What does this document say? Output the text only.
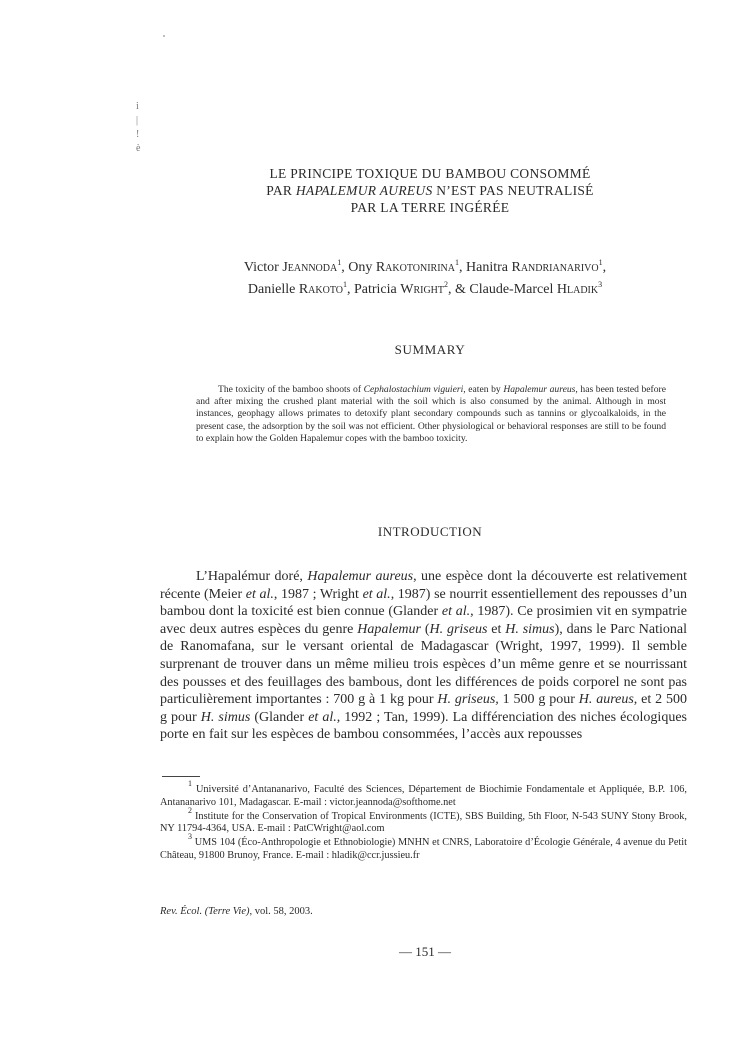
i
|
!
è
LE PRINCIPE TOXIQUE DU BAMBOU CONSOMMÉ
PAR HAPALEMUR AUREUS N’EST PAS NEUTRALISÉ
PAR LA TERRE INGÉRÉE
Victor Jeannoda$^1$, Ony Rakotonirina$^1$, Hanitra Randrianarivo$^1$,
Danielle Rakoto$^1$, Patricia Wright$^2$, & Claude-Marcel Hladik$^3$
SUMMARY
The toxicity of the bamboo shoots of Cephalostachium viguieri, eaten by Hapalemur aureus, has been tested before and after mixing the crushed plant material with the soil which is also consumed by the animal. Although in most instances, geophagy allows primates to detoxify plant secondary compounds such as tannins or glycoalkaloids, in the present case, the adsorption by the soil was not efficient. Other physiological or behavioral responses are still to be found to explain how the Golden Hapalemur copes with the bamboo toxicity.
INTRODUCTION
L’Hapalémur doré, Hapalemur aureus, une espèce dont la découverte est relativement récente (Meier et al., 1987 ; Wright et al., 1987) se nourrit essentiellement des repousses d’un bambou dont la toxicité est bien connue (Glander et al., 1987). Ce prosimien vit en sympatrie avec deux autres espèces du genre Hapalemur (H. griseus et H. simus), dans le Parc National de Ranomafana, sur le versant oriental de Madagascar (Wright, 1997, 1999). Il semble surprenant de trouver dans un même milieu trois espèces d’un même genre et se nourrissant des pousses et des feuillages des bambous, dont les différences de poids corporel ne sont pas particulièrement importantes : 700 g à 1 kg pour H. griseus, 1 500 g pour H. aureus, et 2 500 g pour H. simus (Glander et al., 1992 ; Tan, 1999). La différenciation des niches écologiques porte en fait sur les espèces de bambou consommées, l’accès aux repousses

$^1$ Université d’Antananarivo, Faculté des Sciences, Département de Biochimie Fondamentale et Appliquée, B.P. 106, Antananarivo 101, Madagascar. E-mail : victor.jeannoda@softhome.net

$^2$ Institute for the Conservation of Tropical Environments (ICTE), SBS Building, 5th Floor, N-543 SUNY Stony Brook, NY 11794-4364, USA. E-mail : PatCWright@aol.com

$^3$ UMS 104 (Éco-Anthropologie et Ethnobiologie) MNHN et CNRS, Laboratoire d’Écologie Générale, 4 avenue du Petit Château, 91800 Brunoy, France. E-mail : hladik@ccr.jussieu.fr

Rev. Écol. (Terre Vie), vol. 58, 2003.
— 151 —
